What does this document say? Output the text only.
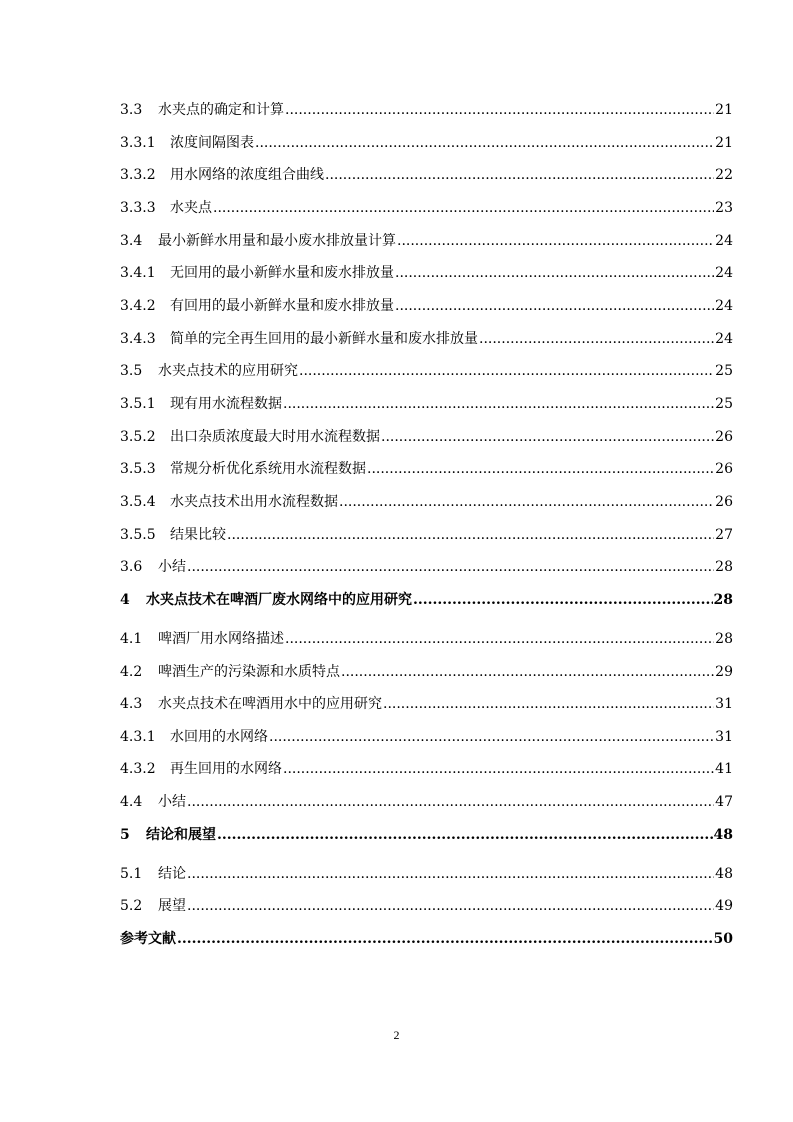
3.3	水夹点的确定和计算 .....	21
3.3.1	浓度间隔图表 .....	21
3.3.2	用水网络的浓度组合曲线 .....	22
3.3.3	水夹点 .....	23
3.4	最小新鲜水用量和最小废水排放量计算 .....	24
3.4.1	无回用的最小新鲜水量和废水排放量 .....	24
3.4.2	有回用的最小新鲜水量和废水排放量 .....	24
3.4.3	简单的完全再生回用的最小新鲜水量和废水排放量 .....	24
3.5	水夹点技术的应用研究 .....	25
3.5.1	现有用水流程数据 .....	25
3.5.2	出口杂质浓度最大时用水流程数据 .....	26
3.5.3	常规分析优化系统用水流程数据 .....	26
3.5.4	水夹点技术出用水流程数据 .....	26
3.5.5	结果比较 .....	27
3.6	小结 .....	28
4	水夹点技术在啤酒厂废水网络中的应用研究 .....	28
4.1	啤酒厂用水网络描述 .....	28
4.2	啤酒生产的污染源和水质特点 .....	29
4.3	水夹点技术在啤酒用水中的应用研究 .....	31
4.3.1	水回用的水网络 .....	31
4.3.2	再生回用的水网络 .....	41
4.4	小结 .....	47
5	结论和展望 .....	48
5.1	结论 .....	48
5.2	展望 .....	49
参考文献 .....	50
2
